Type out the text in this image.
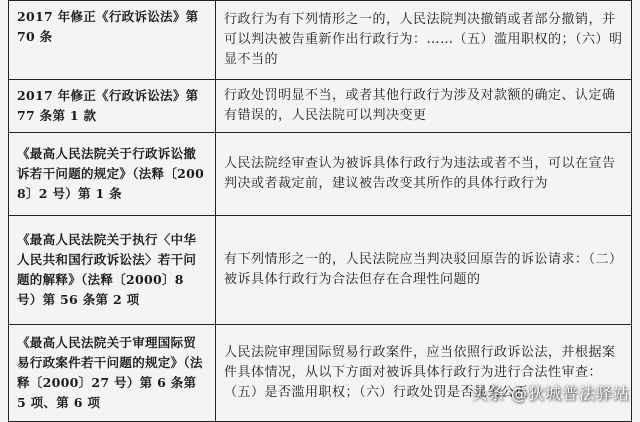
2017 年修正《行政诉讼法》第 70 条	行政行为有下列情形之一的，人民法院判决撤销或者部分撤销，并可以判决被告重新作出行政行为：……（五）滥用职权的；（六）明显不当的
2017 年修正《行政诉讼法》第 77 条第 1 款	行政处罚明显不当，或者其他行政行为涉及对款额的确定、认定确有错误的，人民法院可以判决变更
《最高人民法院关于行政诉讼撤诉若干问题的规定》（法释〔2008〕2 号）第 1 条	人民法院经审查认为被诉具体行政行为违法或者不当，可以在宣告判决或者裁定前，建议被告改变其所作的具体行政行为
《最高人民法院关于执行〈中华人民共和国行政诉讼法〉若干问题的解释》（法释〔2000〕8 号）第 56 条第 2 项	有下列情形之一的，人民法院应当判决驳回原告的诉讼请求：（二）被诉具体行政行为合法但存在合理性问题的
《最高人民法院关于审理国际贸易行政案件若干问题的规定》（法释〔2000〕27 号）第 6 条第 5 项、第 6 项	人民法院审理国际贸易行政案件，应当依照行政诉讼法，并根据案件具体情况，从以下方面对被诉具体行政行为进行合法性审查：（五）是否滥用职权；（六）行政处罚是否显失公正
头条 @狄城普法驿站
